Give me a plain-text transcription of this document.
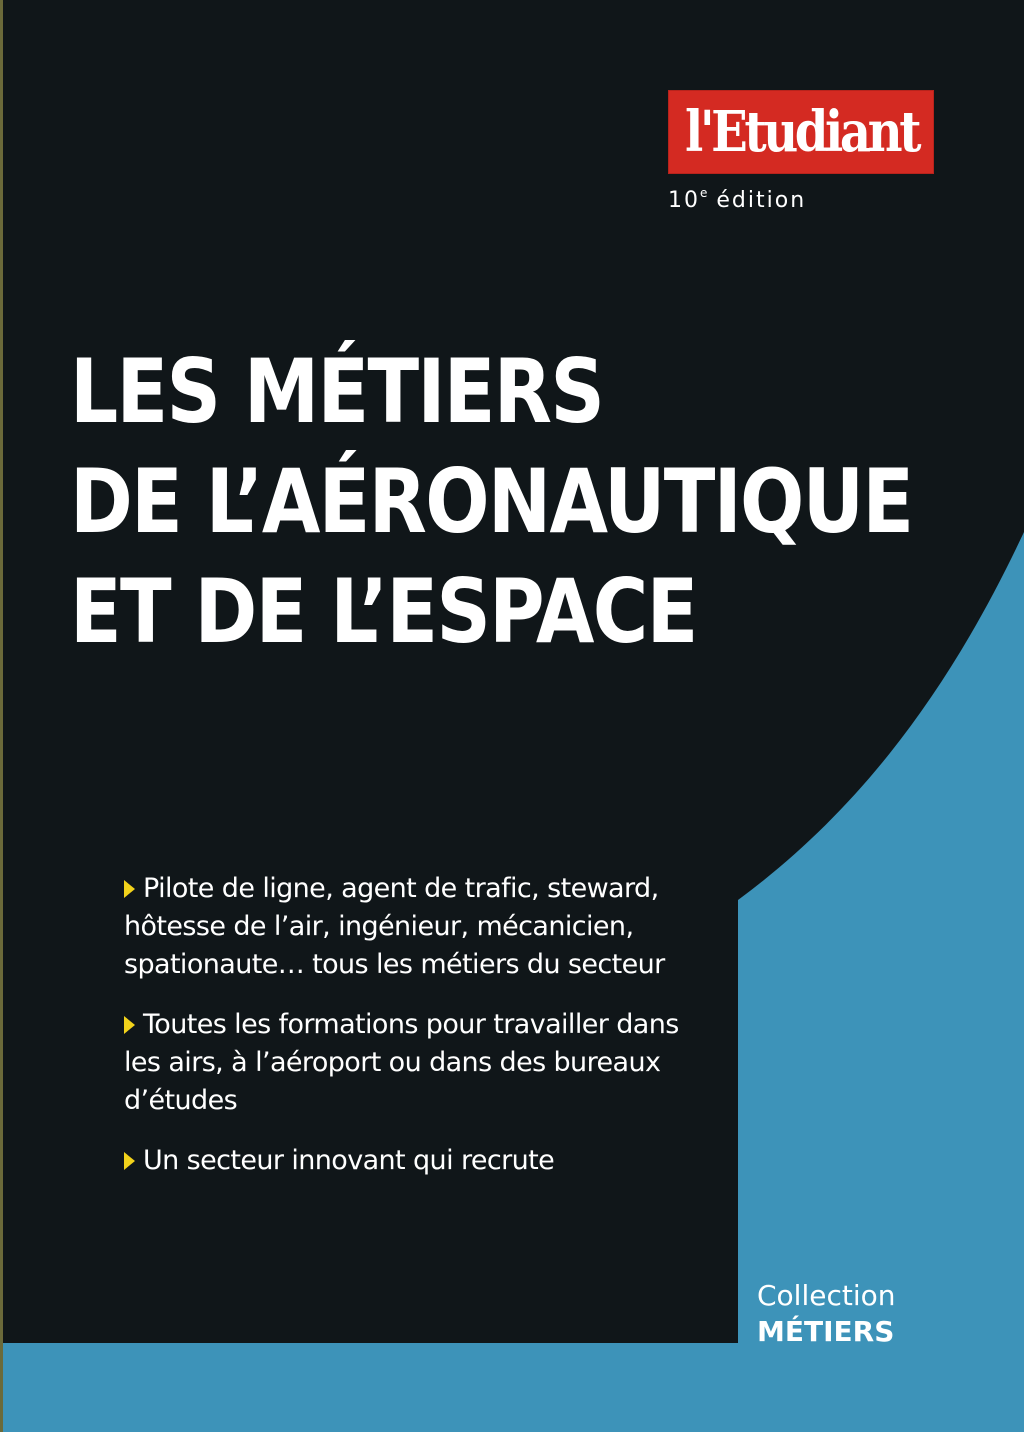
l'Etudiant
10e édition
LES MÉTIERS
DE L’AÉRONAUTIQUE
ET DE L’ESPACE
Pilote de ligne, agent de trafic, steward, hôtesse de l’air, ingénieur, mécanicien, spationaute… tous les métiers du secteur
Toutes les formations pour travailler dans les airs, à l’aéroport ou dans des bureaux d’études
Un secteur innovant qui recrute
Collection
MÉTIERS
